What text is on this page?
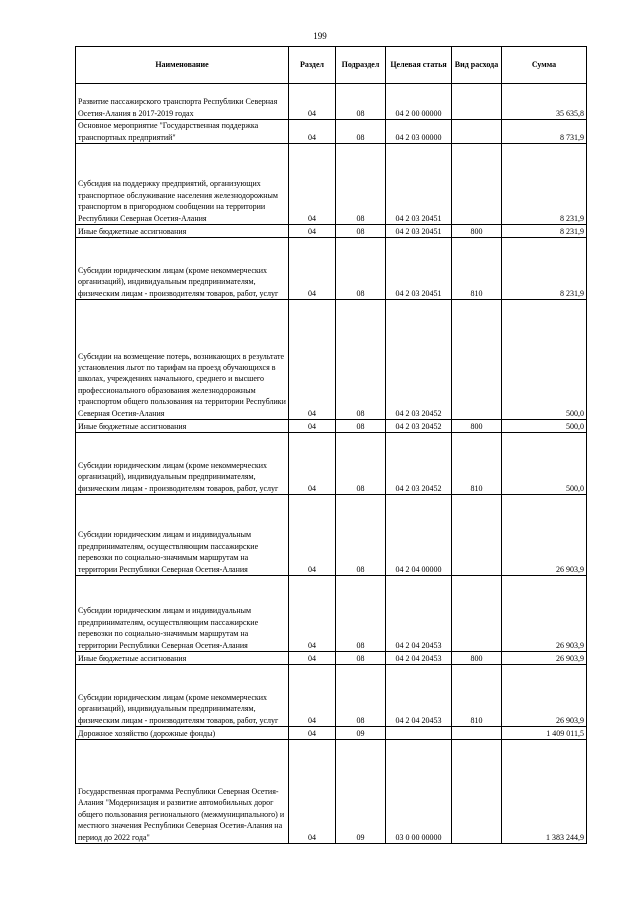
199
Наименование	Раздел	Подраздел	Целевая статья	Вид расхода	Сумма
Развитие пассажирского транспорта Республики Северная Осетия-Алания в 2017-2019 годах	04	08	04 2 00 00000		35 635,8
Основное мероприятие "Государственная поддержка транспортных предприятий"	04	08	04 2 03 00000		8 731,9
Субсидия на поддержку предприятий, организующих транспортное обслуживание населения железнодорожным транспортом в пригородном сообщении на территории Республики Северная Осетия-Алания	04	08	04 2 03 20451		8 231,9
Иные бюджетные ассигнования	04	08	04 2 03 20451	800	8 231,9
Субсидии юридическим лицам (кроме некоммерческих организаций), индивидуальным предпринимателям, физическим лицам - производителям товаров, работ, услуг	04	08	04 2 03 20451	810	8 231,9
Субсидии на возмещение потерь, возникающих в результате установления льгот по тарифам на проезд обучающихся в школах, учреждениях начального, среднего и высшего профессионального образования железнодорожным транспортом общего пользования на территории Республики Северная Осетия-Алания	04	08	04 2 03 20452		500,0
Иные бюджетные ассигнования	04	08	04 2 03 20452	800	500,0
Субсидии юридическим лицам (кроме некоммерческих организаций), индивидуальным предпринимателям, физическим лицам - производителям товаров, работ, услуг	04	08	04 2 03 20452	810	500,0
Субсидии юридическим лицам и индивидуальным предпринимателям, осуществляющим пассажирские перевозки по социально-значимым маршрутам на территории Республики Северная Осетия-Алания	04	08	04 2 04 00000		26 903,9
Субсидии юридическим лицам и индивидуальным предпринимателям, осуществляющим пассажирские перевозки по социально-значимым маршрутам на территории Республики Северная Осетия-Алания	04	08	04 2 04 20453		26 903,9
Иные бюджетные ассигнования	04	08	04 2 04 20453	800	26 903,9
Субсидии юридическим лицам (кроме некоммерческих организаций), индивидуальным предпринимателям, физическим лицам - производителям товаров, работ, услуг	04	08	04 2 04 20453	810	26 903,9
Дорожное хозяйство (дорожные фонды)	04	09			1 409 011,5
Государственная программа Республики Северная Осетия-Алания "Модернизация и развитие автомобильных дорог общего пользования регионального (межмуниципального) и местного значения Республики Северная Осетия-Алания на период до 2022 года"	04	09	03 0 00 00000		1 383 244,9
